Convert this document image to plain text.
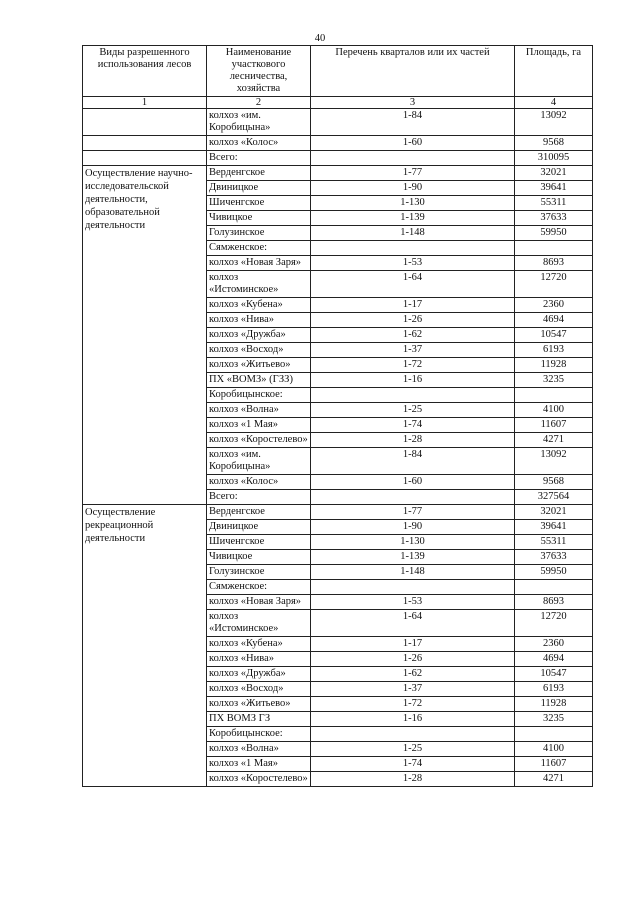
40
Виды разрешенного использования лесов	Наименование участкового лесничества, хозяйства	Перечень кварталов или их частей	Площадь, га
1	2	3	4
	колхоз «им. Коробицына»	1-84	13092
	колхоз «Колос»	1-60	9568
	Всего:		310095
Осуществление научно-исследовательской деятельности, образовательной деятельности	Верденгское	1-77	32021
	Двиницкое	1-90	39641
	Шиченгское	1-130	55311
	Чивицкое	1-139	37633
	Голузинское	1-148	59950
	Сямженское:		
	колхоз «Новая Заря»	1-53	8693
	колхоз «Истоминское»	1-64	12720
	колхоз «Кубена»	1-17	2360
	колхоз «Нива»	1-26	4694
	колхоз «Дружба»	1-62	10547
	колхоз «Восход»	1-37	6193
	колхоз «Житьево»	1-72	11928
	ПХ «ВОМЗ» (ГЗЗ)	1-16	3235
	Коробицынское:		
	колхоз «Волна»	1-25	4100
	колхоз «1 Мая»	1-74	11607
	колхоз «Коростелево»	1-28	4271
	колхоз «им. Коробицына»	1-84	13092
	колхоз «Колос»	1-60	9568
	Всего:		327564
Осуществление рекреационной деятельности	Верденгское	1-77	32021
	Двиницкое	1-90	39641
	Шиченгское	1-130	55311
	Чивицкое	1-139	37633
	Голузинское	1-148	59950
	Сямженское:		
	колхоз «Новая Заря»	1-53	8693
	колхоз «Истоминское»	1-64	12720
	колхоз «Кубена»	1-17	2360
	колхоз «Нива»	1-26	4694
	колхоз «Дружба»	1-62	10547
	колхоз «Восход»	1-37	6193
	колхоз «Житьево»	1-72	11928
	ПХ ВОМЗ ГЗ	1-16	3235
	Коробицынское:		
	колхоз «Волна»	1-25	4100
	колхоз «1 Мая»	1-74	11607
	колхоз «Коростелево»	1-28	4271
